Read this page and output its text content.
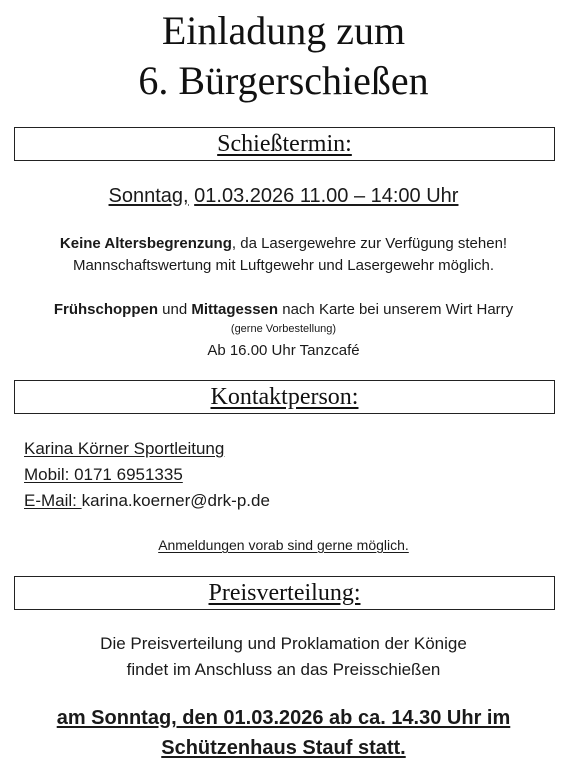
Einladung zum
6. Bürgerschießen
Schießtermin:
Sonntag, 01.03.2026 11.00 – 14:00 Uhr
Keine Altersbegrenzung, da Lasergewehre zur Verfügung stehen!
Mannschaftswertung mit Luftgewehr und Lasergewehr möglich.
Frühschoppen und Mittagessen nach Karte bei unserem Wirt Harry
(gerne Vorbestellung)
Ab 16.00 Uhr Tanzcafé
Kontaktperson:
Karina Körner Sportleitung
Mobil: 0171 6951335
E-Mail: karina.koerner@drk-p.de
Anmeldungen vorab sind gerne möglich.
Preisverteilung:
Die Preisverteilung und Proklamation der Könige
findet im Anschluss an das Preisschießen
am Sonntag, den 01.03.2026 ab ca. 14.30 Uhr im
Schützenhaus Stauf statt.
